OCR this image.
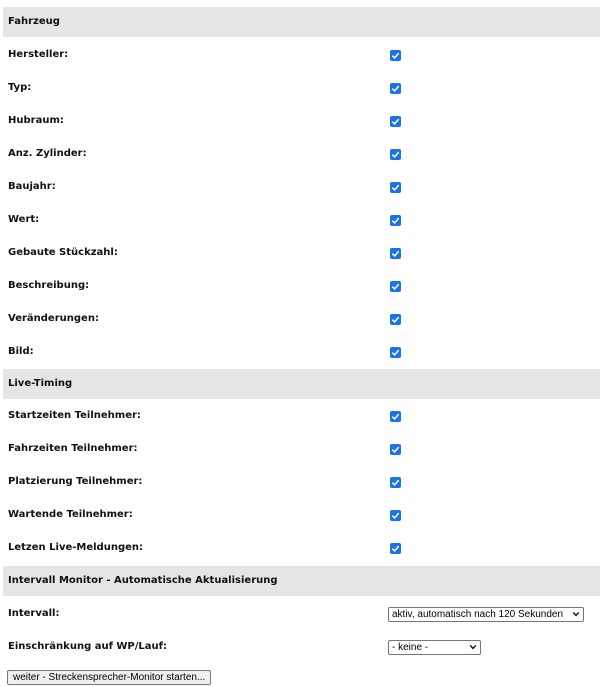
Fahrzeug
Hersteller:
Typ:
Hubraum:
Anz. Zylinder:
Baujahr:
Wert:
Gebaute Stückzahl:
Beschreibung:
Veränderungen:
Bild:
Live-Timing
Startzeiten Teilnehmer:
Fahrzeiten Teilnehmer:
Platzierung Teilnehmer:
Wartende Teilnehmer:
Letzen Live-Meldungen:
Intervall Monitor - Automatische Aktualisierung
Intervall:	aktiv, automatisch nach 120 Sekunden
Einschränkung auf WP/Lauf:	- keine -
weiter - Streckensprecher-Monitor starten...
